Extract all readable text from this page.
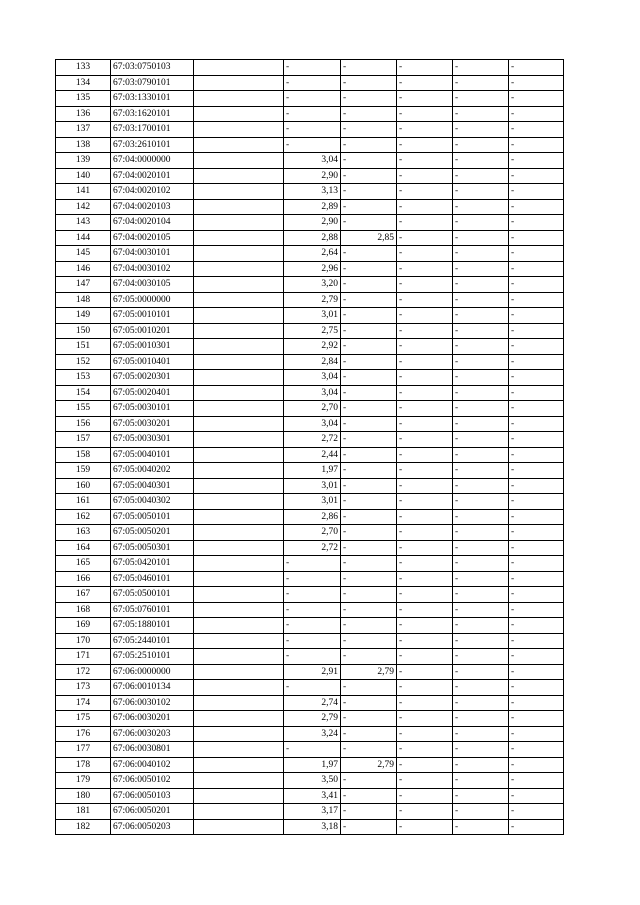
133	67:03:0750103		-	-	-	-	-
134	67:03:0790101		-	-	-	-	-
135	67:03:1330101		-	-	-	-	-
136	67:03:1620101		-	-	-	-	-
137	67:03:1700101		-	-	-	-	-
138	67:03:2610101		-	-	-	-	-
139	67:04:0000000		3,04	-	-	-	-
140	67:04:0020101		2,90	-	-	-	-
141	67:04:0020102		3,13	-	-	-	-
142	67:04:0020103		2,89	-	-	-	-
143	67:04:0020104		2,90	-	-	-	-
144	67:04:0020105		2,88	2,85	-	-	-
145	67:04:0030101		2,64	-	-	-	-
146	67:04:0030102		2,96	-	-	-	-
147	67:04:0030105		3,20	-	-	-	-
148	67:05:0000000		2,79	-	-	-	-
149	67:05:0010101		3,01	-	-	-	-
150	67:05:0010201		2,75	-	-	-	-
151	67:05:0010301		2,92	-	-	-	-
152	67:05:0010401		2,84	-	-	-	-
153	67:05:0020301		3,04	-	-	-	-
154	67:05:0020401		3,04	-	-	-	-
155	67:05:0030101		2,70	-	-	-	-
156	67:05:0030201		3,04	-	-	-	-
157	67:05:0030301		2,72	-	-	-	-
158	67:05:0040101		2,44	-	-	-	-
159	67:05:0040202		1,97	-	-	-	-
160	67:05:0040301		3,01	-	-	-	-
161	67:05:0040302		3,01	-	-	-	-
162	67:05:0050101		2,86	-	-	-	-
163	67:05:0050201		2,70	-	-	-	-
164	67:05:0050301		2,72	-	-	-	-
165	67:05:0420101		-	-	-	-	-
166	67:05:0460101		-	-	-	-	-
167	67:05:0500101		-	-	-	-	-
168	67:05:0760101		-	-	-	-	-
169	67:05:1880101		-	-	-	-	-
170	67:05:2440101		-	-	-	-	-
171	67:05:2510101		-	-	-	-	-
172	67:06:0000000		2,91	2,79	-	-	-
173	67:06:0010134		-	-	-	-	-
174	67:06:0030102		2,74	-	-	-	-
175	67:06:0030201		2,79	-	-	-	-
176	67:06:0030203		3,24	-	-	-	-
177	67:06:0030801		-	-	-	-	-
178	67:06:0040102		1,97	2,79	-	-	-
179	67:06:0050102		3,50	-	-	-	-
180	67:06:0050103		3,41	-	-	-	-
181	67:06:0050201		3,17	-	-	-	-
182	67:06:0050203		3,18	-	-	-	-
